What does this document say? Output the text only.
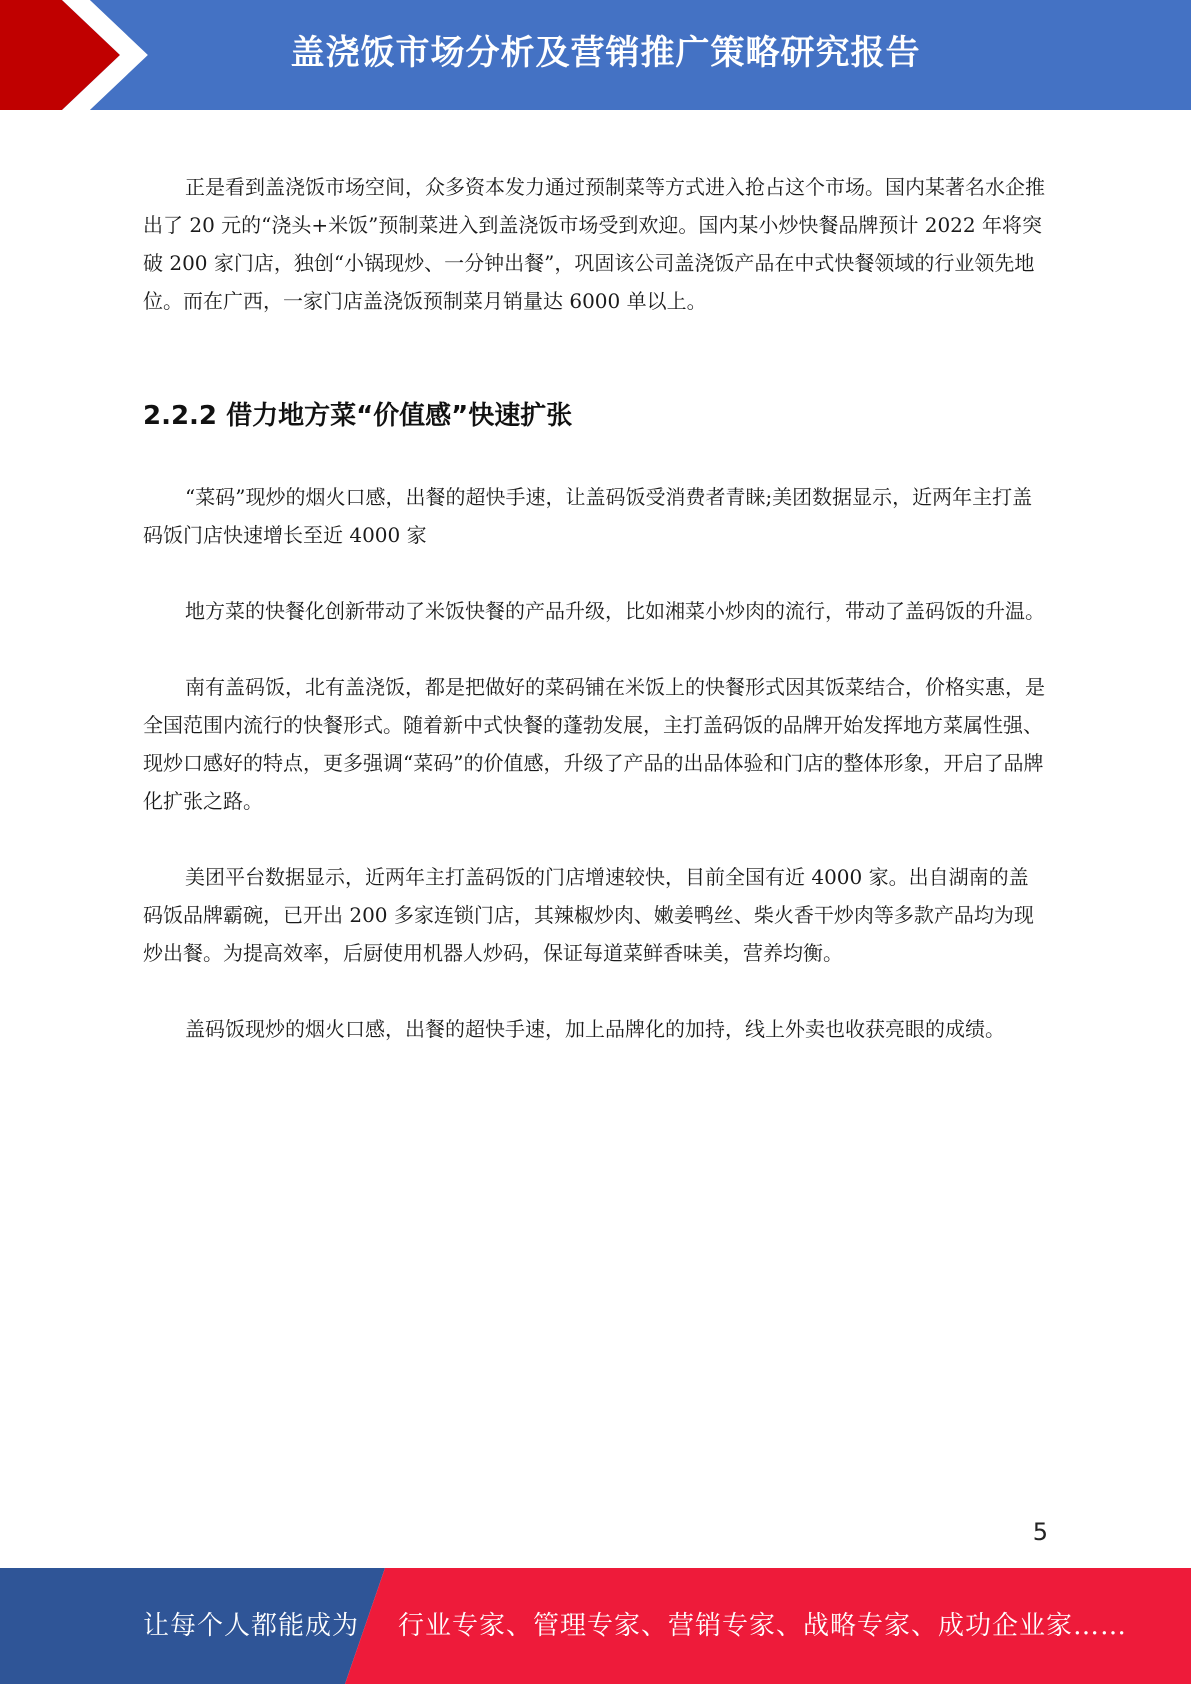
盖浇饭市场分析及营销推广策略研究报告

正是看到盖浇饭市场空间，众多资本发力通过预制菜等方式进入抢占这个市场。国内某著名水企推出了 20 元的“浇头+米饭”预制菜进入到盖浇饭市场受到欢迎。国内某小炒快餐品牌预计 2022 年将突破 200 家门店，独创“小锅现炒、一分钟出餐”，巩固该公司盖浇饭产品在中式快餐领域的行业领先地位。而在广西，一家门店盖浇饭预制菜月销量达 6000 单以上。

2.2.2 借力地方菜“价值感”快速扩张

“菜码”现炒的烟火口感，出餐的超快手速，让盖码饭受消费者青睐;美团数据显示，近两年主打盖码饭门店快速增长至近 4000 家

地方菜的快餐化创新带动了米饭快餐的产品升级，比如湘菜小炒肉的流行，带动了盖码饭的升温。

南有盖码饭，北有盖浇饭，都是把做好的菜码铺在米饭上的快餐形式因其饭菜结合，价格实惠，是全国范围内流行的快餐形式。随着新中式快餐的蓬勃发展，主打盖码饭的品牌开始发挥地方菜属性强、现炒口感好的特点，更多强调“菜码”的价值感，升级了产品的出品体验和门店的整体形象，开启了品牌化扩张之路。

美团平台数据显示，近两年主打盖码饭的门店增速较快，目前全国有近 4000 家。出自湖南的盖码饭品牌霸碗，已开出 200 多家连锁门店，其辣椒炒肉、嫩姜鸭丝、柴火香干炒肉等多款产品均为现炒出餐。为提高效率，后厨使用机器人炒码，保证每道菜鲜香味美，营养均衡。

盖码饭现炒的烟火口感，出餐的超快手速，加上品牌化的加持，线上外卖也收获亮眼的成绩。

5
让每个人都能成为 行业专家、管理专家、营销专家、战略专家、成功企业家……
